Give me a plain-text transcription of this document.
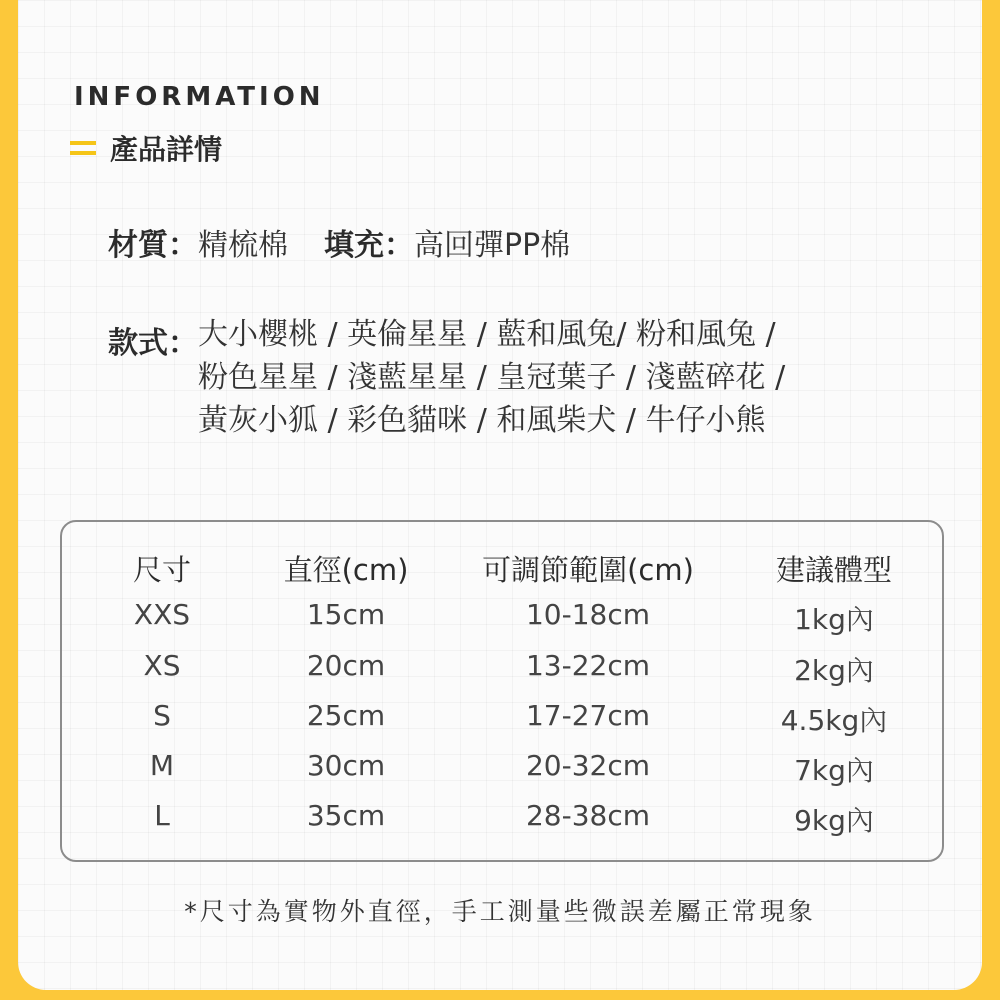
INFORMATION
產品詳情
材質： 精梳棉 填充： 高回彈PP棉
款式： 大小櫻桃 / 英倫星星 / 藍和風兔/ 粉和風兔 /
粉色星星 / 淺藍星星 / 皇冠葉子 / 淺藍碎花 /
黃灰小狐 / 彩色貓咪 / 和風柴犬 / 牛仔小熊
尺寸	直徑(cm)	可調節範圍(cm)	建議體型
XXS	15cm	10-18cm	1kg內
XS	20cm	13-22cm	2kg內
S	25cm	17-27cm	4.5kg內
M	30cm	20-32cm	7kg內
L	35cm	28-38cm	9kg內
*尺寸為實物外直徑，手工測量些微誤差屬正常現象
